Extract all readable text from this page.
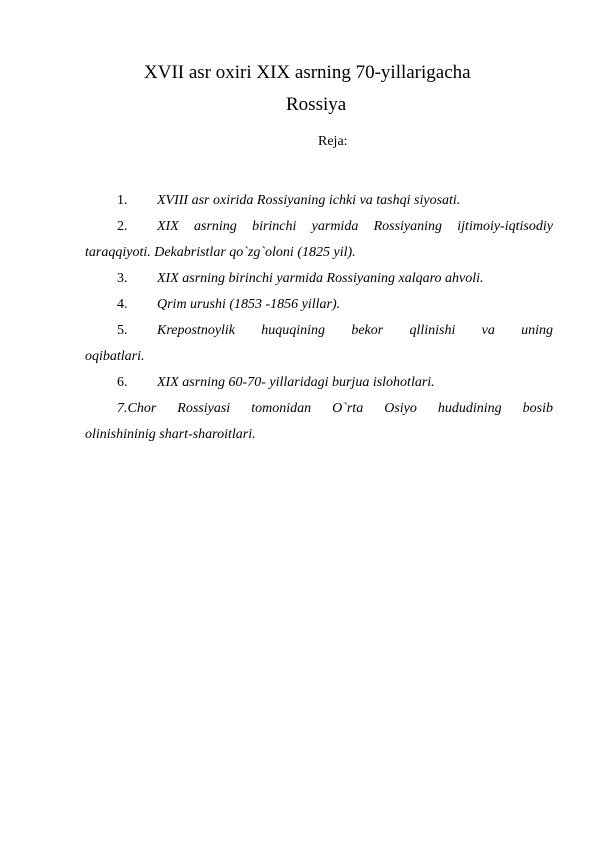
XVII asr oxiri XIX asrning 70-yillarigacha
Rossiya
Reja:
1.	XVIII asr oxirida Rossiyaning ichki va tashqi siyosati.
2. XIX asrning birinchi yarmida Rossiyaning ijtimoiy-iqtisodiy
taraqqiyoti. Dekabristlar qo`zg`oloni (1825 yil).
3.	XIX asrning birinchi yarmida Rossiyaning xalqaro ahvoli.
4.	Qrim urushi (1853 -1856 yillar).
5. Krepostnoylik huquqining bekor qllinishi va uning
oqibatlari.
6.	XIX asrning 60-70- yillaridagi burjua islohotlari.
7.Chor Rossiyasi tomonidan O`rta Osiyo hududining bosib
olinishininig shart-sharoitlari.
